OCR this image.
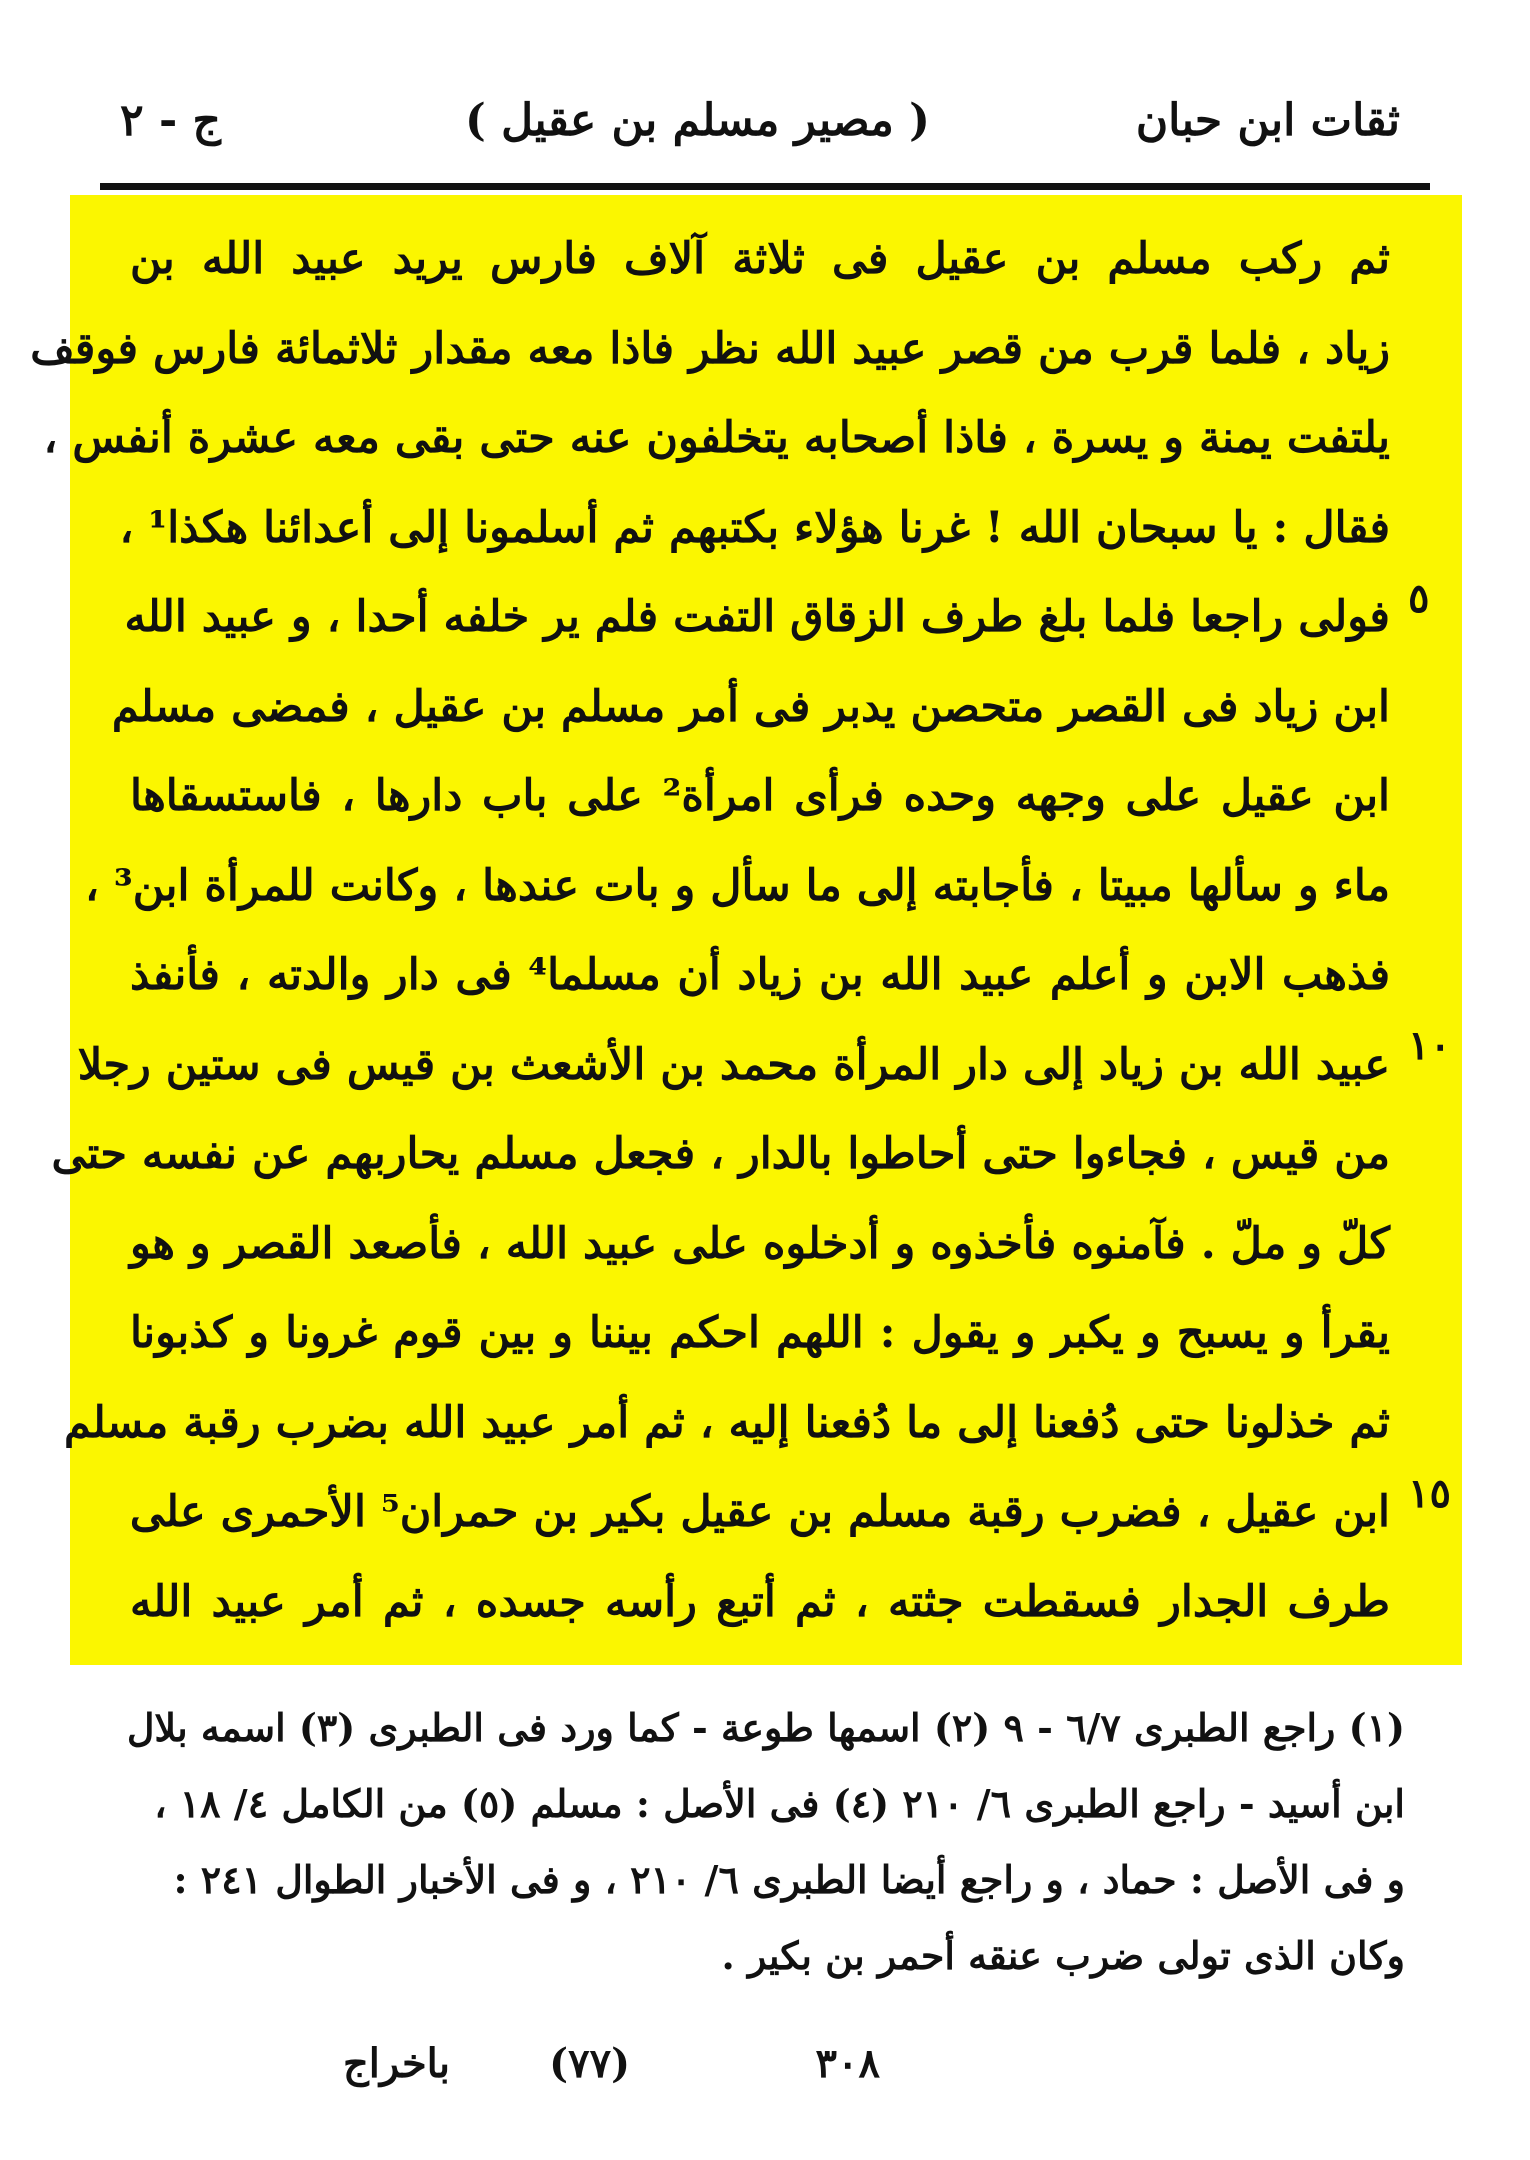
ثقات ابن حبان
( مصير مسلم بن عقيل )
ج - ٢
ثم ركب مسلم بن عقيل فى ثلاثة آلاف فارس يريد عبيد الله بن
زياد ، فلما قرب من قصر عبيد الله نظر فاذا معه مقدار ثلاثمائة فارس فوقف
يلتفت يمنة و يسرة ، فاذا أصحابه يتخلفون عنه حتى بقى معه عشرة أنفس ،
فقال : يا سبحان الله ! غرنا هؤلاء بكتبهم ثم أسلمونا إلى أعدائنا هكذا¹ ،
فولى راجعا فلما بلغ طرف الزقاق التفت فلم ير خلفه أحدا ، و عبيد الله
ابن زياد فى القصر متحصن يدبر فى أمر مسلم بن عقيل ، فمضى مسلم
ابن عقيل على وجهه وحده فرأى امرأة² على باب دارها ، فاستسقاها
ماء و سألها مبيتا ، فأجابته إلى ما سأل و بات عندها ، وكانت للمرأة ابن³ ،
فذهب الابن و أعلم عبيد الله بن زياد أن مسلما⁴ فى دار والدته ، فأنفذ
عبيد الله بن زياد إلى دار المرأة محمد بن الأشعث بن قيس فى ستين رجلا
من قيس ، فجاءوا حتى أحاطوا بالدار ، فجعل مسلم يحاربهم عن نفسه حتى
كلّ و ملّ . فآمنوه فأخذوه و أدخلوه على عبيد الله ، فأصعد القصر و هو
يقرأ و يسبح و يكبر و يقول : اللهم احكم بيننا و بين قوم غرونا و كذبونا
ثم خذلونا حتى دُفعنا إلى ما دُفعنا إليه ، ثم أمر عبيد الله بضرب رقبة مسلم
ابن عقيل ، فضرب رقبة مسلم بن عقيل بكير بن حمران⁵ الأحمرى على
طرف الجدار فسقطت جثته ، ثم أتبع رأسه جسده ، ثم أمر عبيد الله
٥
١٠
١٥
(١) راجع الطبرى ٦/٧ - ٩ (٢) اسمها طوعة - كما ورد فى الطبرى (٣) اسمه بلال
ابن أسيد - راجع الطبرى ٦/ ٢١٠ (٤) فى الأصل : مسلم (٥) من الكامل ٤/ ١٨ ،
و فى الأصل : حماد ، و راجع أيضا الطبرى ٦/ ٢١٠ ، و فى الأخبار الطوال ٢٤١ :
وكان الذى تولى ضرب عنقه أحمر بن بكير .
٣٠٨
(٧٧)
باخراج
